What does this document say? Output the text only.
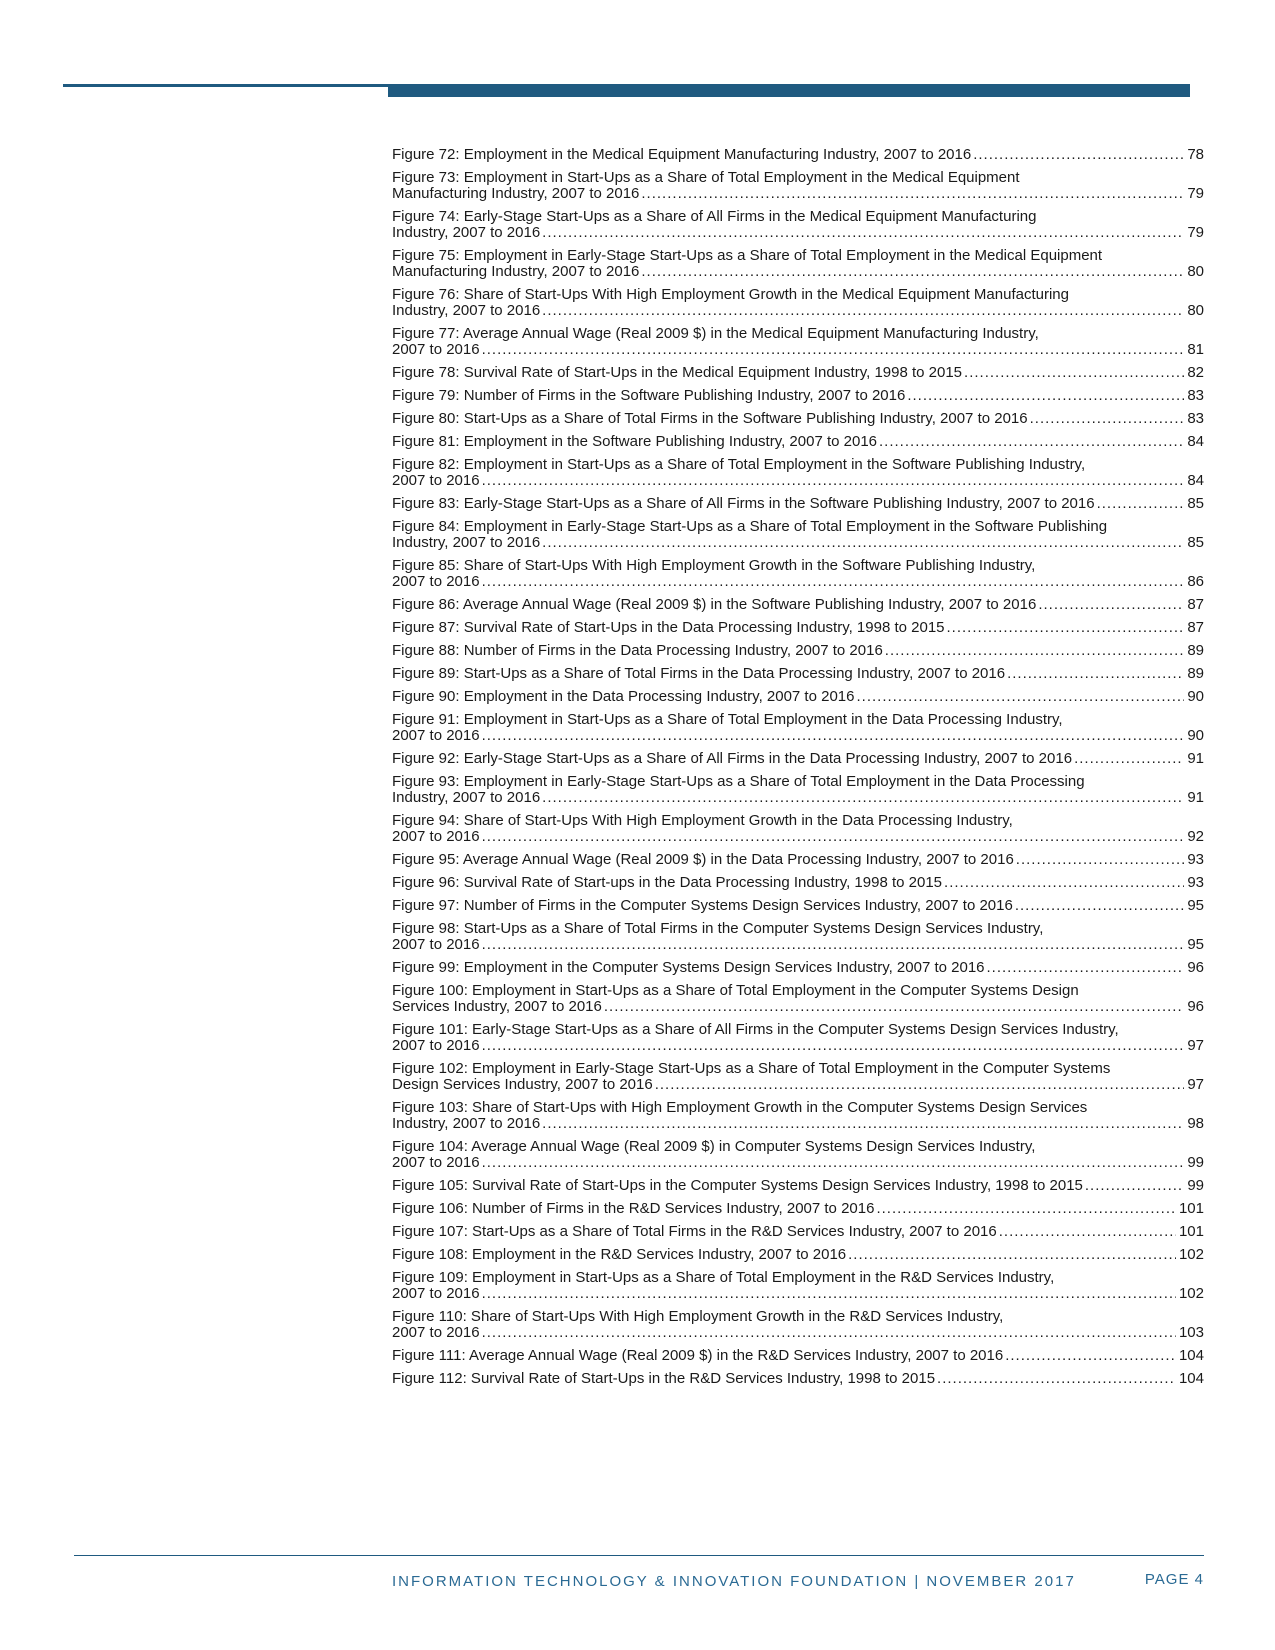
Figure 72: Employment in the Medical Equipment Manufacturing Industry, 2007 to 2016 .....	78
Figure 73: Employment in Start-Ups as a Share of Total Employment in the Medical Equipment
Manufacturing Industry, 2007 to 2016 .....	79
Figure 74: Early-Stage Start-Ups as a Share of All Firms in the Medical Equipment Manufacturing
Industry, 2007 to 2016 .....	79
Figure 75: Employment in Early-Stage Start-Ups as a Share of Total Employment in the Medical Equipment
Manufacturing Industry, 2007 to 2016 .....	80
Figure 76: Share of Start-Ups With High Employment Growth in the Medical Equipment Manufacturing
Industry, 2007 to 2016 .....	80
Figure 77: Average Annual Wage (Real 2009 $) in the Medical Equipment Manufacturing Industry,
2007 to 2016 .....	81
Figure 78: Survival Rate of Start-Ups in the Medical Equipment Industry, 1998 to 2015 .....	82
Figure 79: Number of Firms in the Software Publishing Industry, 2007 to 2016 .....	83
Figure 80: Start-Ups as a Share of Total Firms in the Software Publishing Industry, 2007 to 2016 .....	83
Figure 81: Employment in the Software Publishing Industry, 2007 to 2016 .....	84
Figure 82: Employment in Start-Ups as a Share of Total Employment in the Software Publishing Industry,
2007 to 2016 .....	84
Figure 83: Early-Stage Start-Ups as a Share of All Firms in the Software Publishing Industry, 2007 to 2016 .....	85
Figure 84: Employment in Early-Stage Start-Ups as a Share of Total Employment in the Software Publishing
Industry, 2007 to 2016 .....	85
Figure 85: Share of Start-Ups With High Employment Growth in the Software Publishing Industry,
2007 to 2016 .....	86
Figure 86: Average Annual Wage (Real 2009 $) in the Software Publishing Industry, 2007 to 2016 .....	87
Figure 87: Survival Rate of Start-Ups in the Data Processing Industry, 1998 to 2015 .....	87
Figure 88: Number of Firms in the Data Processing Industry, 2007 to 2016 .....	89
Figure 89: Start-Ups as a Share of Total Firms in the Data Processing Industry, 2007 to 2016 .....	89
Figure 90: Employment in the Data Processing Industry, 2007 to 2016 .....	90
Figure 91: Employment in Start-Ups as a Share of Total Employment in the Data Processing Industry,
2007 to 2016 .....	90
Figure 92: Early-Stage Start-Ups as a Share of All Firms in the Data Processing Industry, 2007 to 2016 .....	91
Figure 93: Employment in Early-Stage Start-Ups as a Share of Total Employment in the Data Processing
Industry, 2007 to 2016 .....	91
Figure 94: Share of Start-Ups With High Employment Growth in the Data Processing Industry,
2007 to 2016 .....	92
Figure 95: Average Annual Wage (Real 2009 $) in the Data Processing Industry, 2007 to 2016 .....	93
Figure 96: Survival Rate of Start-ups in the Data Processing Industry, 1998 to 2015 .....	93
Figure 97: Number of Firms in the Computer Systems Design Services Industry, 2007 to 2016 .....	95
Figure 98: Start-Ups as a Share of Total Firms in the Computer Systems Design Services Industry,
2007 to 2016 .....	95
Figure 99: Employment in the Computer Systems Design Services Industry, 2007 to 2016 .....	96
Figure 100: Employment in Start-Ups as a Share of Total Employment in the Computer Systems Design
Services Industry, 2007 to 2016 .....	96
Figure 101: Early-Stage Start-Ups as a Share of All Firms in the Computer Systems Design Services Industry,
2007 to 2016 .....	97
Figure 102: Employment in Early-Stage Start-Ups as a Share of Total Employment in the Computer Systems
Design Services Industry, 2007 to 2016 .....	97
Figure 103: Share of Start-Ups with High Employment Growth in the Computer Systems Design Services
Industry, 2007 to 2016 .....	98
Figure 104: Average Annual Wage (Real 2009 $) in Computer Systems Design Services Industry,
2007 to 2016 .....	99
Figure 105: Survival Rate of Start-Ups in the Computer Systems Design Services Industry, 1998 to 2015 .....	99
Figure 106: Number of Firms in the R&D Services Industry, 2007 to 2016 .....	101
Figure 107: Start-Ups as a Share of Total Firms in the R&D Services Industry, 2007 to 2016 .....	101
Figure 108: Employment in the R&D Services Industry, 2007 to 2016 .....	102
Figure 109: Employment in Start-Ups as a Share of Total Employment in the R&D Services Industry,
2007 to 2016 .....	102
Figure 110: Share of Start-Ups With High Employment Growth in the R&D Services Industry,
2007 to 2016 .....	103
Figure 111: Average Annual Wage (Real 2009 $) in the R&D Services Industry, 2007 to 2016 .....	104
Figure 112: Survival Rate of Start-Ups in the R&D Services Industry, 1998 to 2015 .....	104
INFORMATION TECHNOLOGY & INNOVATION FOUNDATION | NOVEMBER 2017	PAGE 4
